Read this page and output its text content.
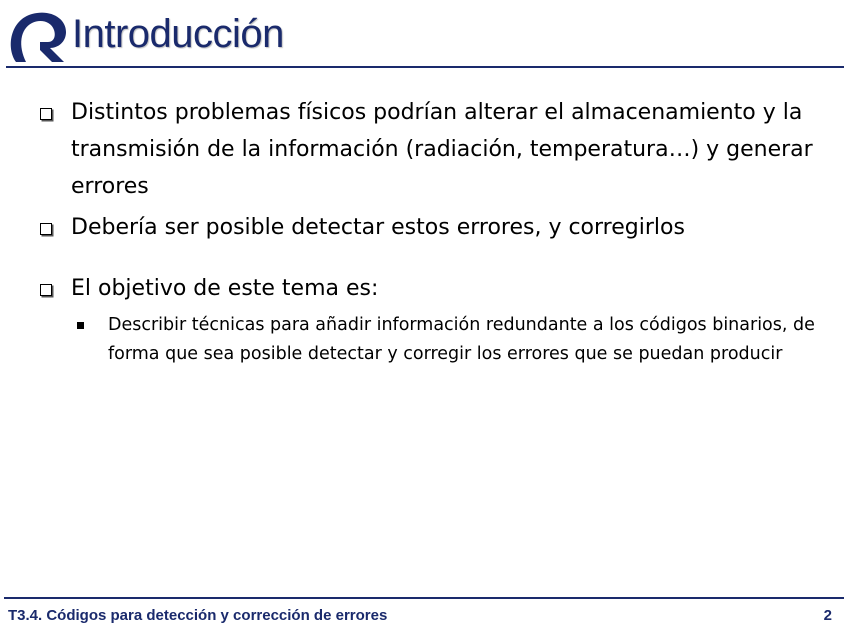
Introducción
Distintos problemas físicos podrían alterar el almacenamiento y la transmisión de la información (radiación, temperatura…) y generar errores
Debería ser posible detectar estos errores, y corregirlos
El objetivo de este tema es:
Describir técnicas para añadir información redundante a los códigos binarios, de forma que sea posible detectar y corregir los errores que se puedan producir
T3.4. Códigos para detección y corrección de errores	2
